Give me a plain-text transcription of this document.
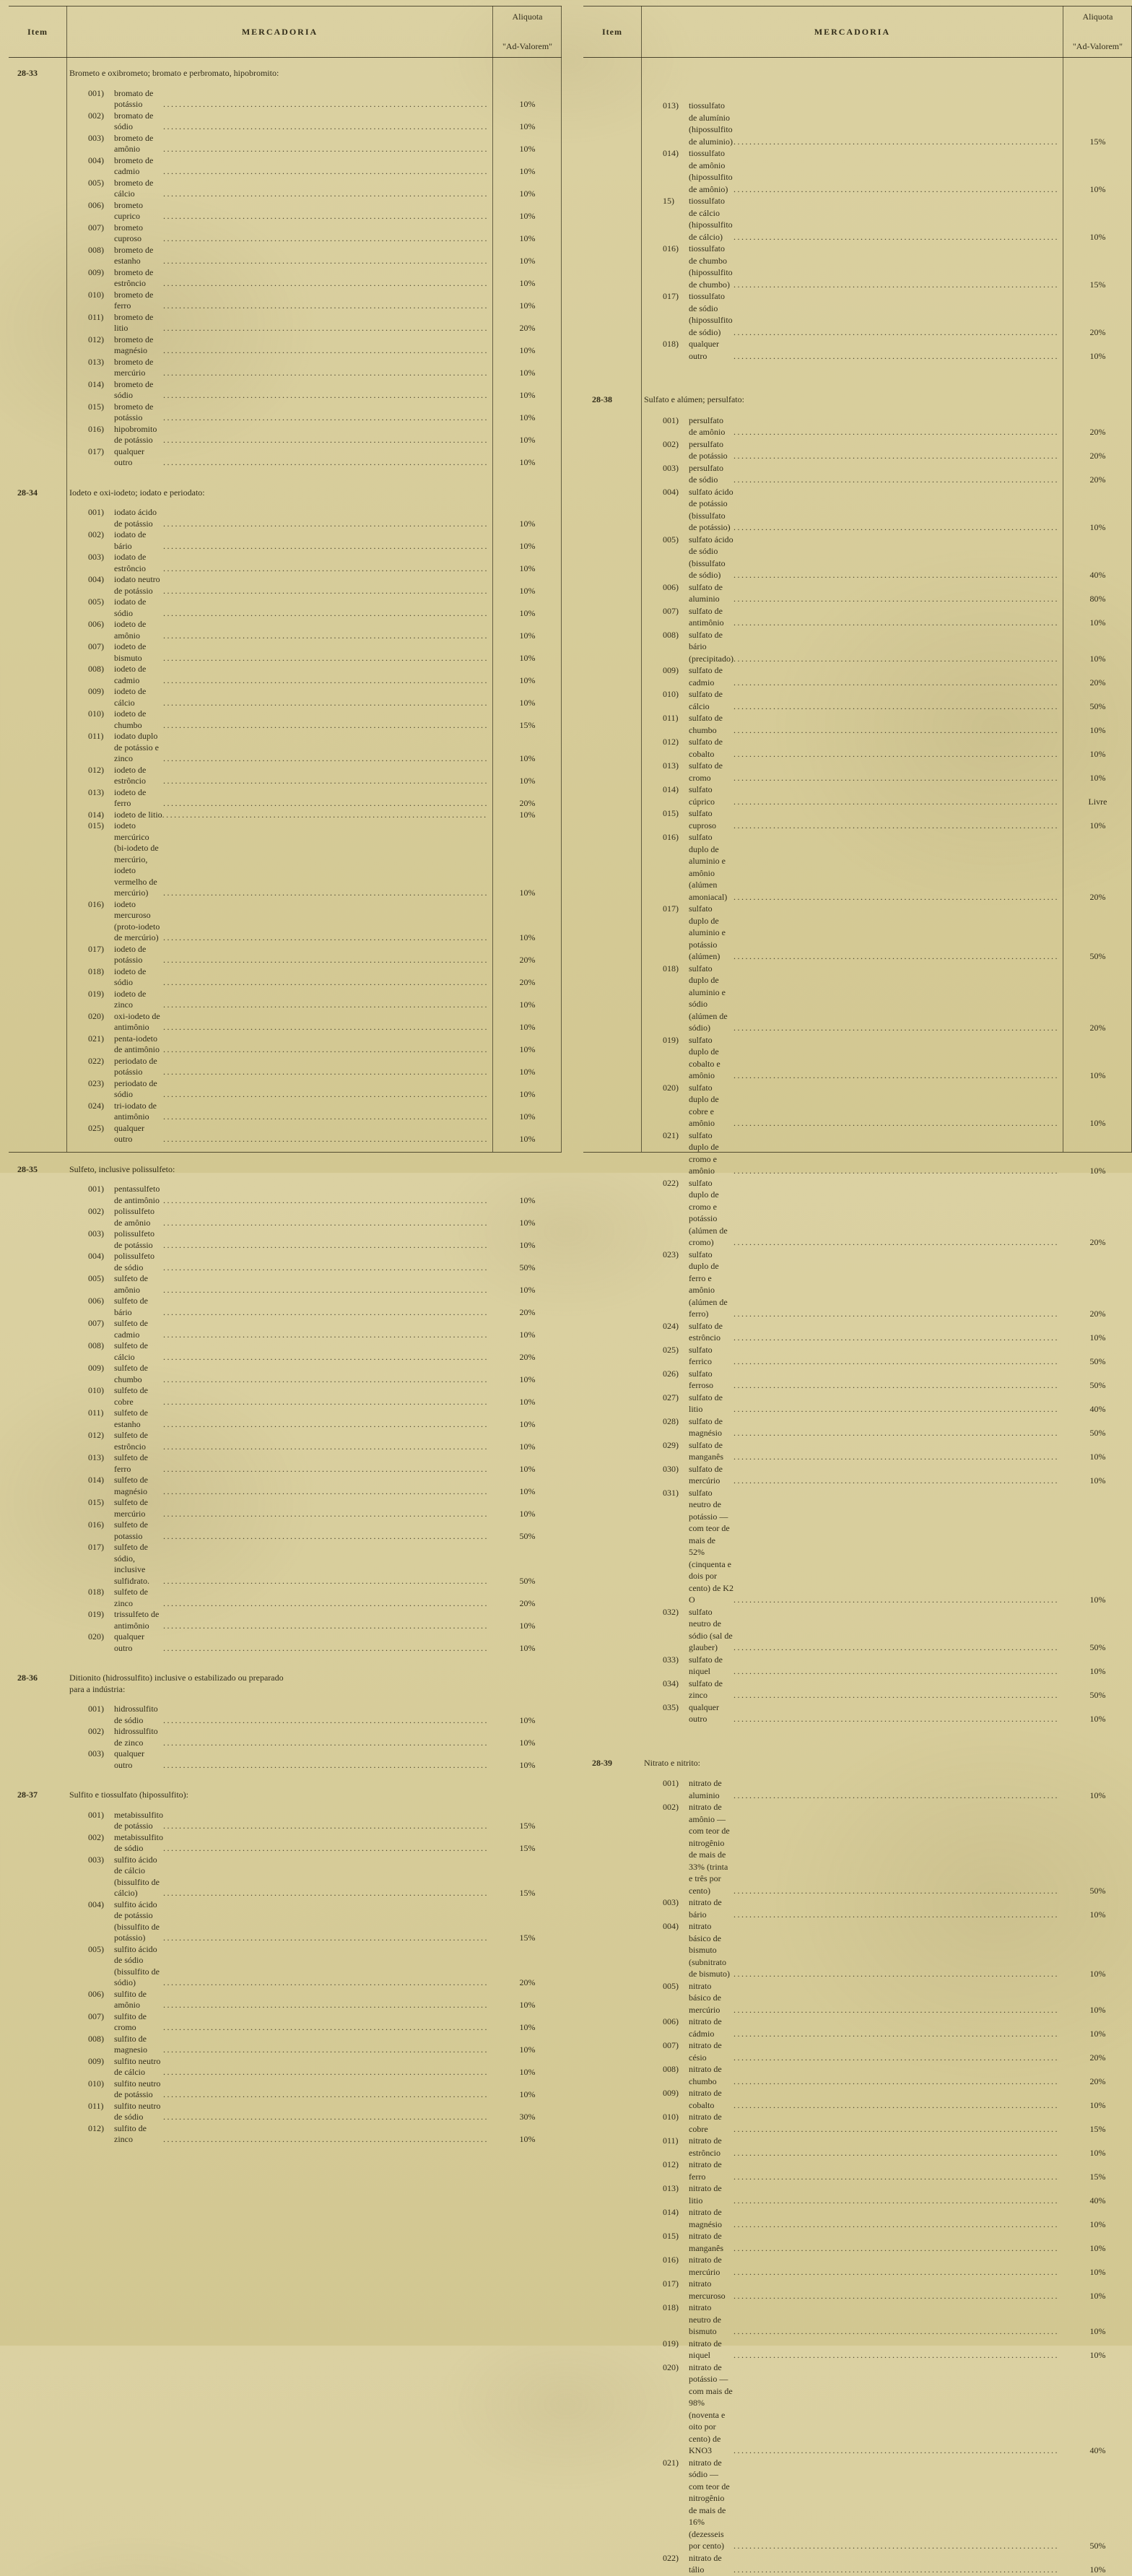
Item	MERCADORIA
Aliquota
"Ad-Valorem"
28-33	Brometo e oxibrometo; bromato e perbromato, hipobromito:
001)	bromato de potássio .....	10%
002)	bromato de sódio .....	10%
003)	brometo de amônio .....	10%
004)	brometo de cadmio .....	10%
005)	brometo de cálcio .....	10%
006)	brometo cuprico .....	10%
007)	brometo cuproso .....	10%
008)	brometo de estanho .....	10%
009)	brometo de estrôncio .....	10%
010)	brometo de ferro .....	10%
011)	brometo de litio .....	20%
012)	brometo de magnésio .....	10%
013)	brometo de mercúrio .....	10%
014)	brometo de sódio .....	10%
015)	brometo de potássio .....	10%
016)	hipobromito de potássio .....	10%
017)	qualquer outro .....	10%
28-34	Iodeto e oxi-iodeto; iodato e periodato:
001)	iodato ácido de potássio .....	10%
002)	iodato de bário .....	10%
003)	iodato de estrôncio .....	10%
004)	iodato neutro de potássio .....	10%
005)	iodato de sódio .....	10%
006)	iodeto de amônio .....	10%
007)	iodeto de bismuto .....	10%
008)	iodeto de cadmio .....	10%
009)	iodeto de cálcio .....	10%
010)	iodeto de chumbo .....	15%
011)	iodato duplo de potássio e zinco .....	10%
012)	iodeto de estrôncio .....	10%
013)	iodeto de ferro .....	20%
014)	iodeto de litio .....	10%
015)	iodeto mercúrico (bi-iodeto de mercúrio, iodeto vermelho de mercúrio) .....	10%
016)	iodeto mercuroso (proto-iodeto de mercúrio) .....	10%
017)	iodeto de potássio .....	20%
018)	iodeto de sódio .....	20%
019)	iodeto de zinco .....	10%
020)	oxi-iodeto de antimônio .....	10%
021)	penta-iodeto de antimônio .....	10%
022)	periodato de potássio .....	10%
023)	periodato de sódio .....	10%
024)	tri-iodato de antimônio .....	10%
025)	qualquer outro .....	10%
28-35	Sulfeto, inclusive polissulfeto:
001)	pentassulfeto de antimônio .....	10%
002)	polissulfeto de amônio .....	10%
003)	polissulfeto de potássio .....	10%
004)	polissulfeto de sódio .....	50%
005)	sulfeto de amônio .....	10%
006)	sulfeto de bário .....	20%
007)	sulfeto de cadmio .....	10%
008)	sulfeto de cálcio .....	20%
009)	sulfeto de chumbo .....	10%
010)	sulfeto de cobre .....	10%
011)	sulfeto de estanho .....	10%
012)	sulfeto de estrôncio .....	10%
013)	sulfeto de ferro .....	10%
014)	sulfeto de magnésio .....	10%
015)	sulfeto de mercúrio .....	10%
016)	sulfeto de potassio .....	50%
017)	sulfeto de sódio, inclusive sulfidrato. .....	50%
018)	sulfeto de zinco .....	20%
019)	trissulfeto de antimônio .....	10%
020)	qualquer outro .....	10%
28-36	Ditionito (hidrossulfito) inclusive o estabilizado ou preparado para a indústria:
001)	hidrossulfito de sódio .....	10%
002)	hidrossulfito de zinco .....	10%
003)	qualquer outro .....	10%
28-37	Sulfito e tiossulfato (hipossulfito):
001)	metabissulfito de potássio .....	15%
002)	metabissulfito de sódio .....	15%
003)	sulfito ácido de cálcio (bissulfito de cálcio) .....	15%
004)	sulfito ácido de potássio (bissulfito de potássio) .....	15%
005)	sulfito ácido de sódio (bissulfito de sódio) .....	20%
006)	sulfito de amônio .....	10%
007)	sulfito de cromo .....	10%
008)	sulfito de magnesio .....	10%
009)	sulfito neutro de cálcio .....	10%
010)	sulfito neutro de potássio .....	10%
011)	sulfito neutro de sódio .....	30%
012)	sulfito de zinco .....	10%
Item	MERCADORIA
Aliquota
"Ad-Valorem"
013)	tiossulfato de alumínio (hipossulfito de aluminio) .....	15%
014)	tiossulfato de amônio (hipossulfito de amônio) .....	10%
15)	tiossulfato de cálcio (hipossulfito de cálcio) .....	10%
016)	tiossulfato de chumbo (hipossulfito de chumbo) .....	15%
017)	tiossulfato de sódio (hipossulfito de sódio) .....	20%
018)	qualquer outro .....	10%
28-38	Sulfato e alúmen; persulfato:
001)	persulfato de amônio .....	20%
002)	persulfato de potássio .....	20%
003)	persulfato de sódio .....	20%
004)	sulfato ácido de potássio (bissulfato de potássio) .....	10%
005)	sulfato ácido de sódio (bissulfato de sódio) .....	40%
006)	sulfato de aluminio .....	80%
007)	sulfato de antimônio .....	10%
008)	sulfato de bário (precipitado) .....	10%
009)	sulfato de cadmio .....	20%
010)	sulfato de cálcio .....	50%
011)	sulfato de chumbo .....	10%
012)	sulfato de cobalto .....	10%
013)	sulfato de cromo .....	10%
014)	sulfato cúprico .....	Livre
015)	sulfato cuproso .....	10%
016)	sulfato duplo de aluminio e amônio (alúmen amoniacal) .....	20%
017)	sulfato duplo de aluminio e potássio (alúmen) .....	50%
018)	sulfato duplo de aluminio e sódio (alúmen de sódio) .....	20%
019)	sulfato duplo de cobalto e amônio .....	10%
020)	sulfato duplo de cobre e amônio .....	10%
021)	sulfato duplo de cromo e amônio .....	10%
022)	sulfato duplo de cromo e potássio (alúmen de cromo) .....	20%
023)	sulfato duplo de ferro e amônio (alúmen de ferro) .....	20%
024)	sulfato de estrôncio .....	10%
025)	sulfato ferrico .....	50%
026)	sulfato ferroso .....	50%
027)	sulfato de litio .....	40%
028)	sulfato de magnésio .....	50%
029)	sulfato de manganês .....	10%
030)	sulfato de mercúrio .....	10%
031)	sulfato neutro de potássio — com teor de mais de 52% (cinquenta e dois por cento) de K2 O .....	10%
032)	sulfato neutro de sódio (sal de glauber) .....	50%
033)	sulfato de niquel .....	10%
034)	sulfato de zinco .....	50%
035)	qualquer outro .....	10%
28-39	Nitrato e nitrito:
001)	nitrato de aluminio .....	10%
002)	nitrato de amônio — com teor de nitrogênio de mais de 33% (trinta e três por cento) .....	50%
003)	nitrato de bário .....	10%
004)	nitrato básico de bismuto (subnitrato de bismuto) .....	10%
005)	nitrato básico de mercúrio .....	10%
006)	nitrato de cádmio .....	10%
007)	nitrato de césio .....	20%
008)	nitrato de chumbo .....	20%
009)	nitrato de cobalto .....	10%
010)	nitrato de cobre .....	15%
011)	nitrato de estrôncio .....	10%
012)	nitrato de ferro .....	15%
013)	nitrato de litio .....	40%
014)	nitrato de magnésio .....	10%
015)	nitrato de manganês .....	10%
016)	nitrato de mercúrio .....	10%
017)	nitrato mercuroso .....	10%
018)	nitrato neutro de bismuto .....	10%
019)	nitrato de niquel .....	10%
020)	nitrato de potássio — com mais de 98% (noventa e oito por cento) de KNO3 .....	40%
021)	nitrato de sódio — com teor de nitrogênio de mais de 16% (dezesseis por cento) .....	50%
022)	nitrato de tálio .....	10%
